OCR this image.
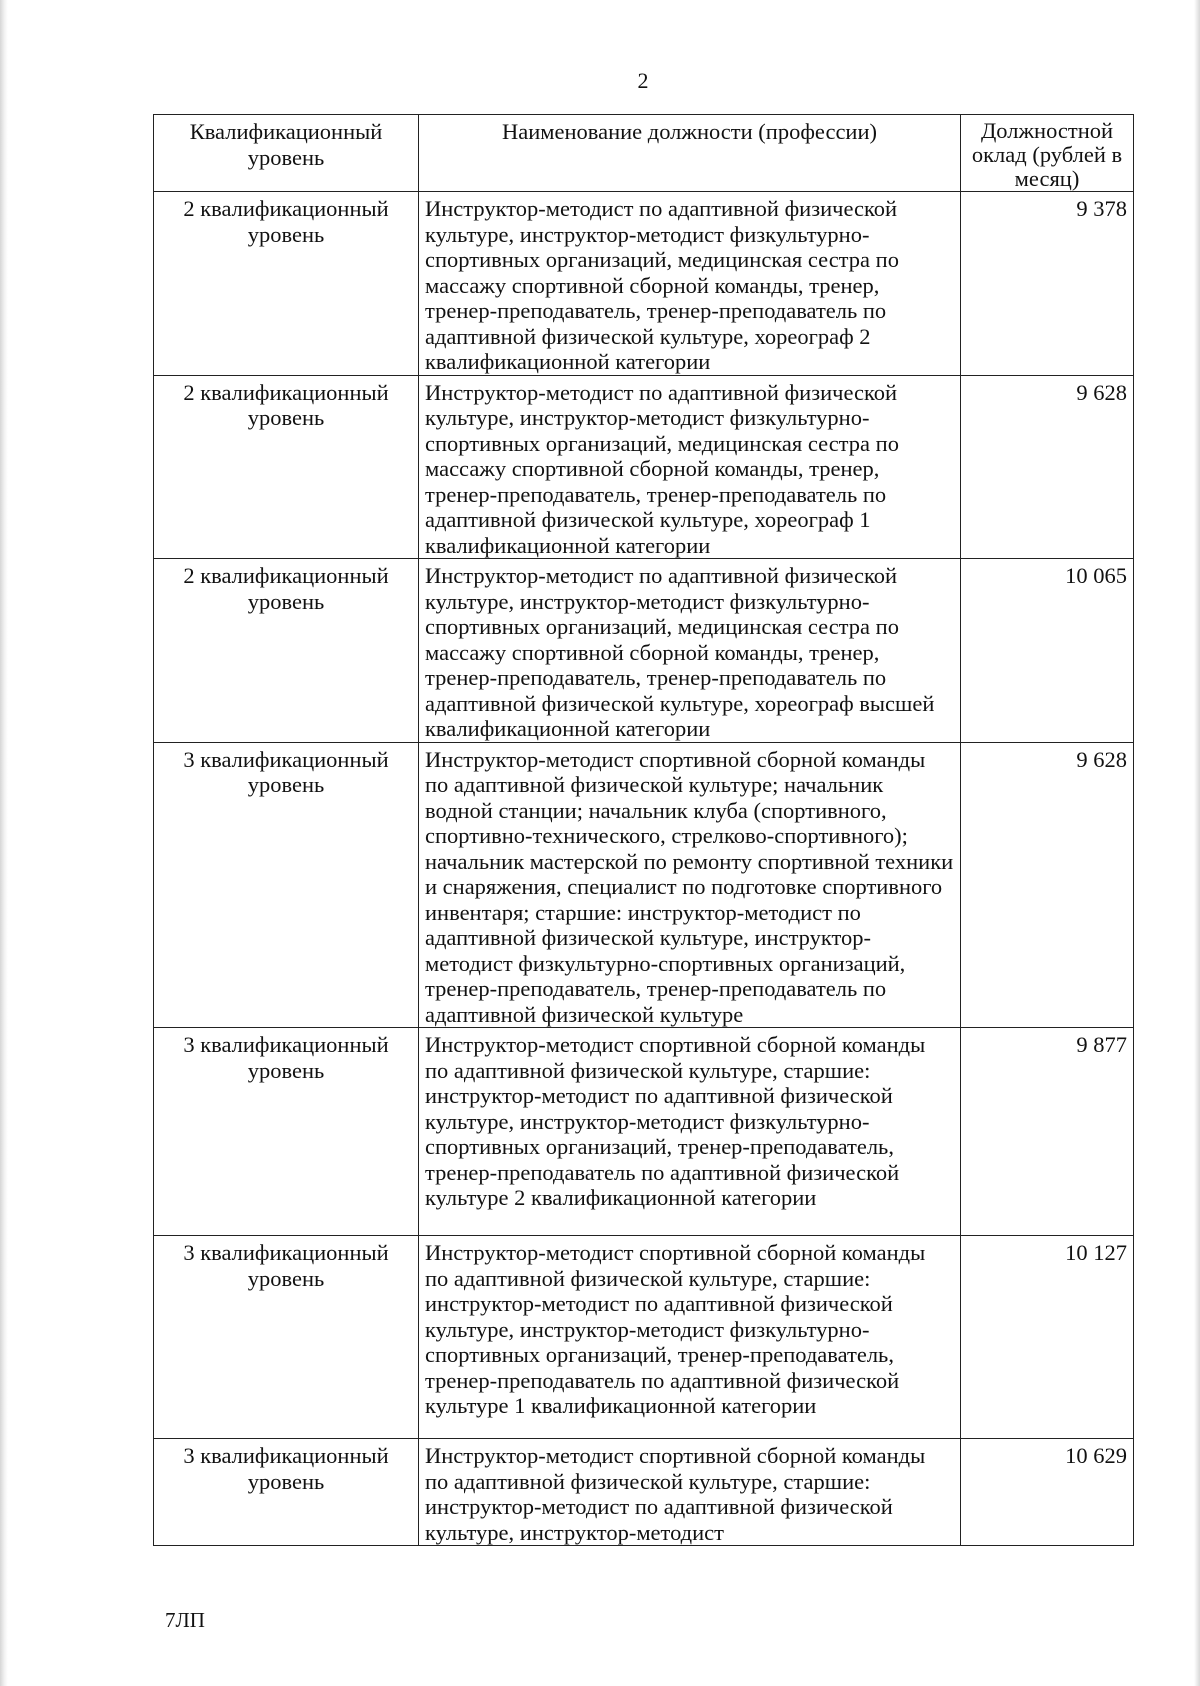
2
Квалификационный уровень	Наименование должности (профессии)	Должностной оклад (рублей в месяц)
2 квалификационный уровень	Инструктор-методист по адаптивной физической культуре, инструктор-методист физкультурно-спортивных организаций, медицинская сестра по массажу спортивной сборной команды, тренер, тренер-преподаватель, тренер-преподаватель по адаптивной физической культуре, хореограф 2 квалификационной категории	9 378
2 квалификационный уровень	Инструктор-методист по адаптивной физической культуре, инструктор-методист физкультурно-спортивных организаций, медицинская сестра по массажу спортивной сборной команды, тренер, тренер-преподаватель, тренер-преподаватель по адаптивной физической культуре, хореограф 1 квалификационной категории	9 628
2 квалификационный уровень	Инструктор-методист по адаптивной физической культуре, инструктор-методист физкультурно-спортивных организаций, медицинская сестра по массажу спортивной сборной команды, тренер, тренер-преподаватель, тренер-преподаватель по адаптивной физической культуре, хореограф высшей квалификационной категории	10 065
3 квалификационный уровень	Инструктор-методист спортивной сборной команды по адаптивной физической культуре; начальник водной станции; начальник клуба (спортивного, спортивно-технического, стрелково-спортивного); начальник мастерской по ремонту спортивной техники и снаряжения, специалист по подготовке спортивного инвентаря; старшие: инструктор-методист по адаптивной физической культуре, инструктор-методист физкультурно-спортивных организаций, тренер-преподаватель, тренер-преподаватель по адаптивной физической культуре	9 628
3 квалификационный уровень	Инструктор-методист спортивной сборной команды по адаптивной физической культуре, старшие: инструктор-методист по адаптивной физической культуре, инструктор-методист физкультурно-спортивных организаций, тренер-преподаватель, тренер-преподаватель по адаптивной физической культуре 2 квалификационной категории	9 877
3 квалификационный уровень	Инструктор-методист спортивной сборной команды по адаптивной физической культуре, старшие: инструктор-методист по адаптивной физической культуре, инструктор-методист физкультурно-спортивных организаций, тренер-преподаватель, тренер-преподаватель по адаптивной физической культуре 1 квалификационной категории	10 127
3 квалификационный уровень	Инструктор-методист спортивной сборной команды по адаптивной физической культуре, старшие: инструктор-методист по адаптивной физической культуре, инструктор-методист	10 629
7ЛП
